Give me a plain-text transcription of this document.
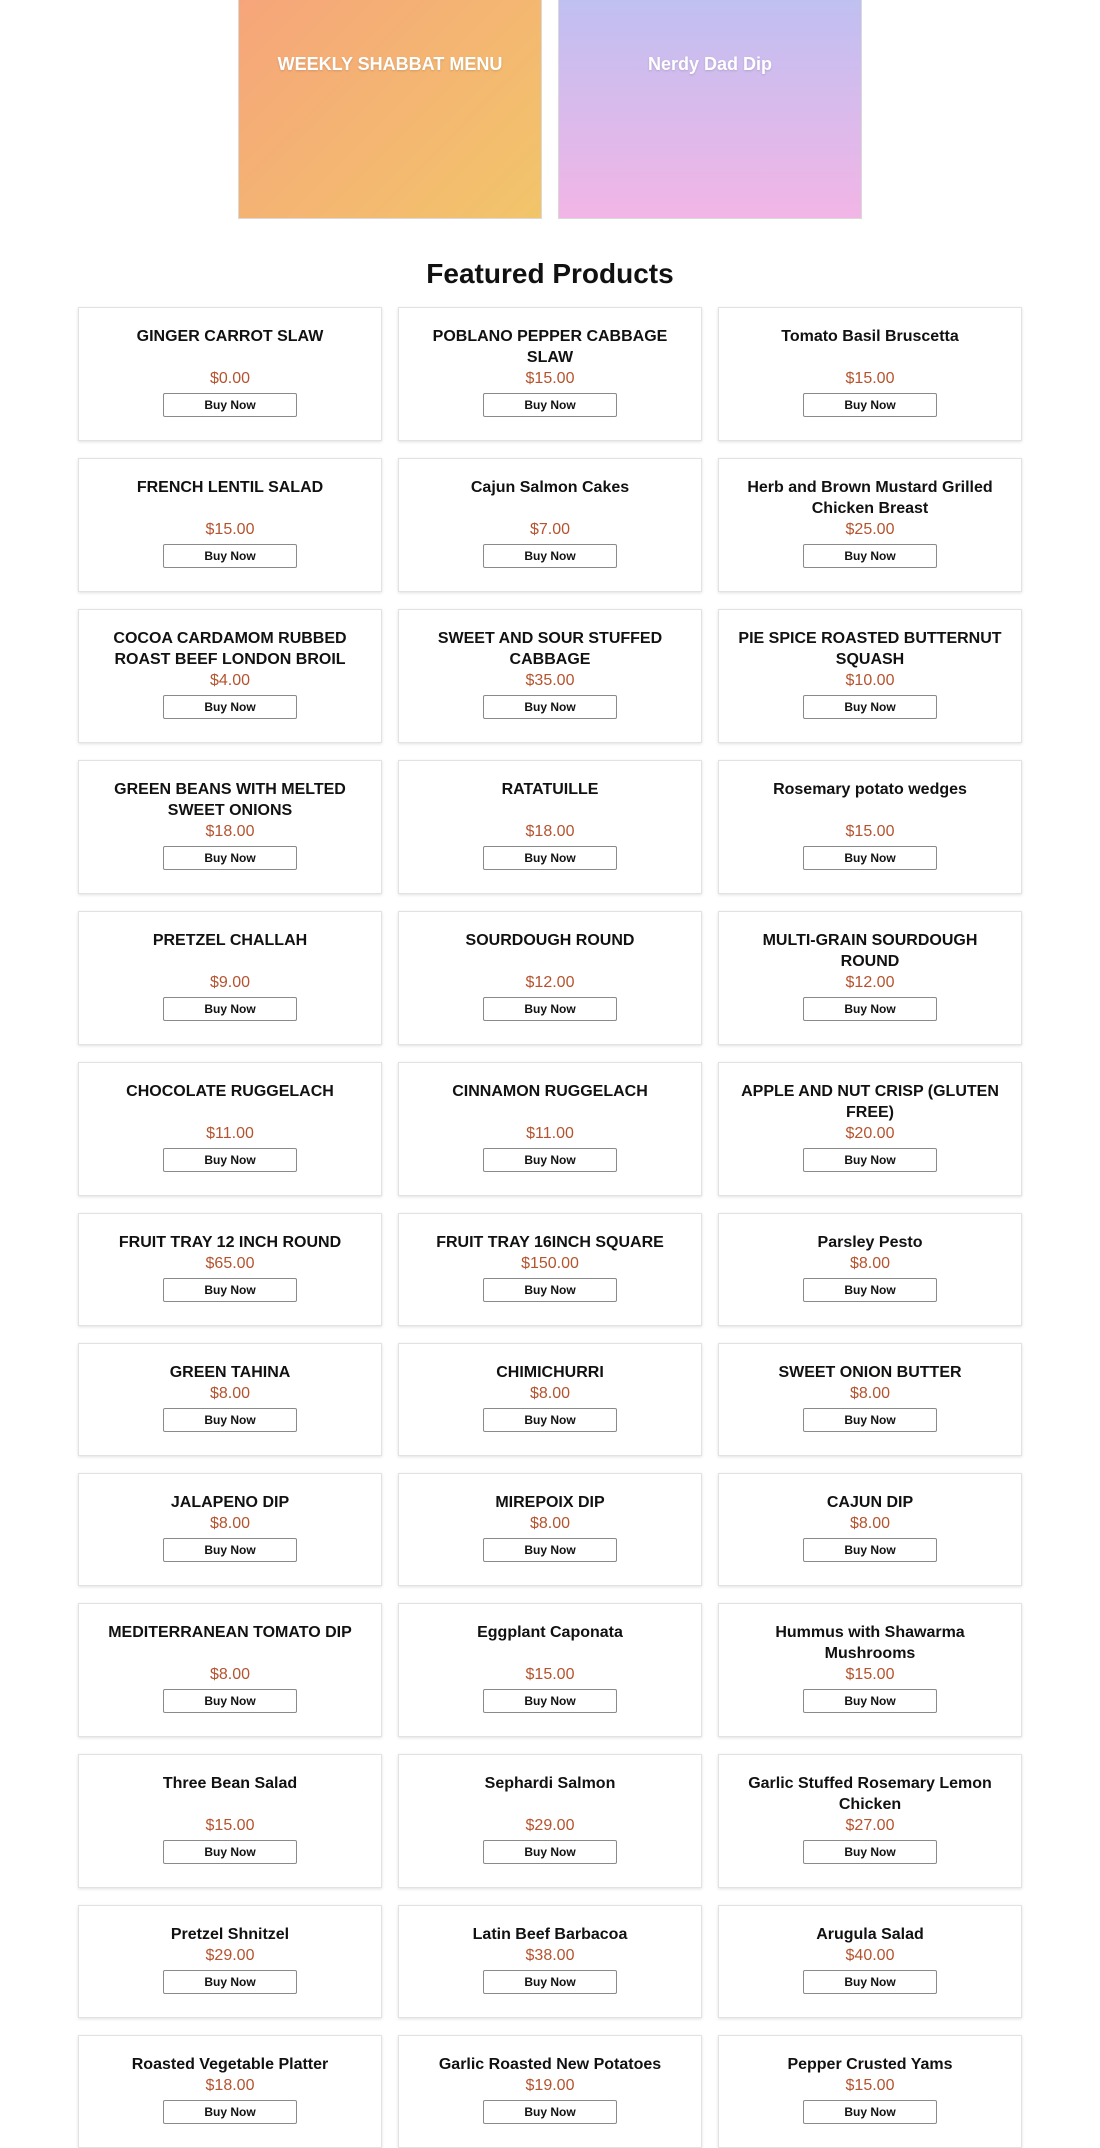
WEEKLY SHABBAT MENU	Nerdy Dad Dip
Featured Products
GINGER CARROT SLAW
$0.00
Buy Now
POBLANO PEPPER CABBAGE SLAW
$15.00
Buy Now
Tomato Basil Bruscetta
$15.00
Buy Now
FRENCH LENTIL SALAD
$15.00
Buy Now
Cajun Salmon Cakes
$7.00
Buy Now
Herb and Brown Mustard Grilled Chicken Breast
$25.00
Buy Now
COCOA CARDAMOM RUBBED ROAST BEEF LONDON BROIL
$4.00
Buy Now
SWEET AND SOUR STUFFED CABBAGE
$35.00
Buy Now
PIE SPICE ROASTED BUTTERNUT SQUASH
$10.00
Buy Now
GREEN BEANS WITH MELTED SWEET ONIONS
$18.00
Buy Now
RATATUILLE
$18.00
Buy Now
Rosemary potato wedges
$15.00
Buy Now
PRETZEL CHALLAH
$9.00
Buy Now
SOURDOUGH ROUND
$12.00
Buy Now
MULTI-GRAIN SOURDOUGH ROUND
$12.00
Buy Now
CHOCOLATE RUGGELACH
$11.00
Buy Now
CINNAMON RUGGELACH
$11.00
Buy Now
APPLE AND NUT CRISP (GLUTEN FREE)
$20.00
Buy Now
FRUIT TRAY 12 INCH ROUND
$65.00
Buy Now
FRUIT TRAY 16INCH SQUARE
$150.00
Buy Now
Parsley Pesto
$8.00
Buy Now
GREEN TAHINA
$8.00
Buy Now
CHIMICHURRI
$8.00
Buy Now
SWEET ONION BUTTER
$8.00
Buy Now
JALAPENO DIP
$8.00
Buy Now
MIREPOIX DIP
$8.00
Buy Now
CAJUN DIP
$8.00
Buy Now
MEDITERRANEAN TOMATO DIP
$8.00
Buy Now
Eggplant Caponata
$15.00
Buy Now
Hummus with Shawarma Mushrooms
$15.00
Buy Now
Three Bean Salad
$15.00
Buy Now
Sephardi Salmon
$29.00
Buy Now
Garlic Stuffed Rosemary Lemon Chicken
$27.00
Buy Now
Pretzel Shnitzel
$29.00
Buy Now
Latin Beef Barbacoa
$38.00
Buy Now
Arugula Salad
$40.00
Buy Now
Roasted Vegetable Platter
$18.00
Buy Now
Garlic Roasted New Potatoes
$19.00
Buy Now
Pepper Crusted Yams
$15.00
Buy Now
